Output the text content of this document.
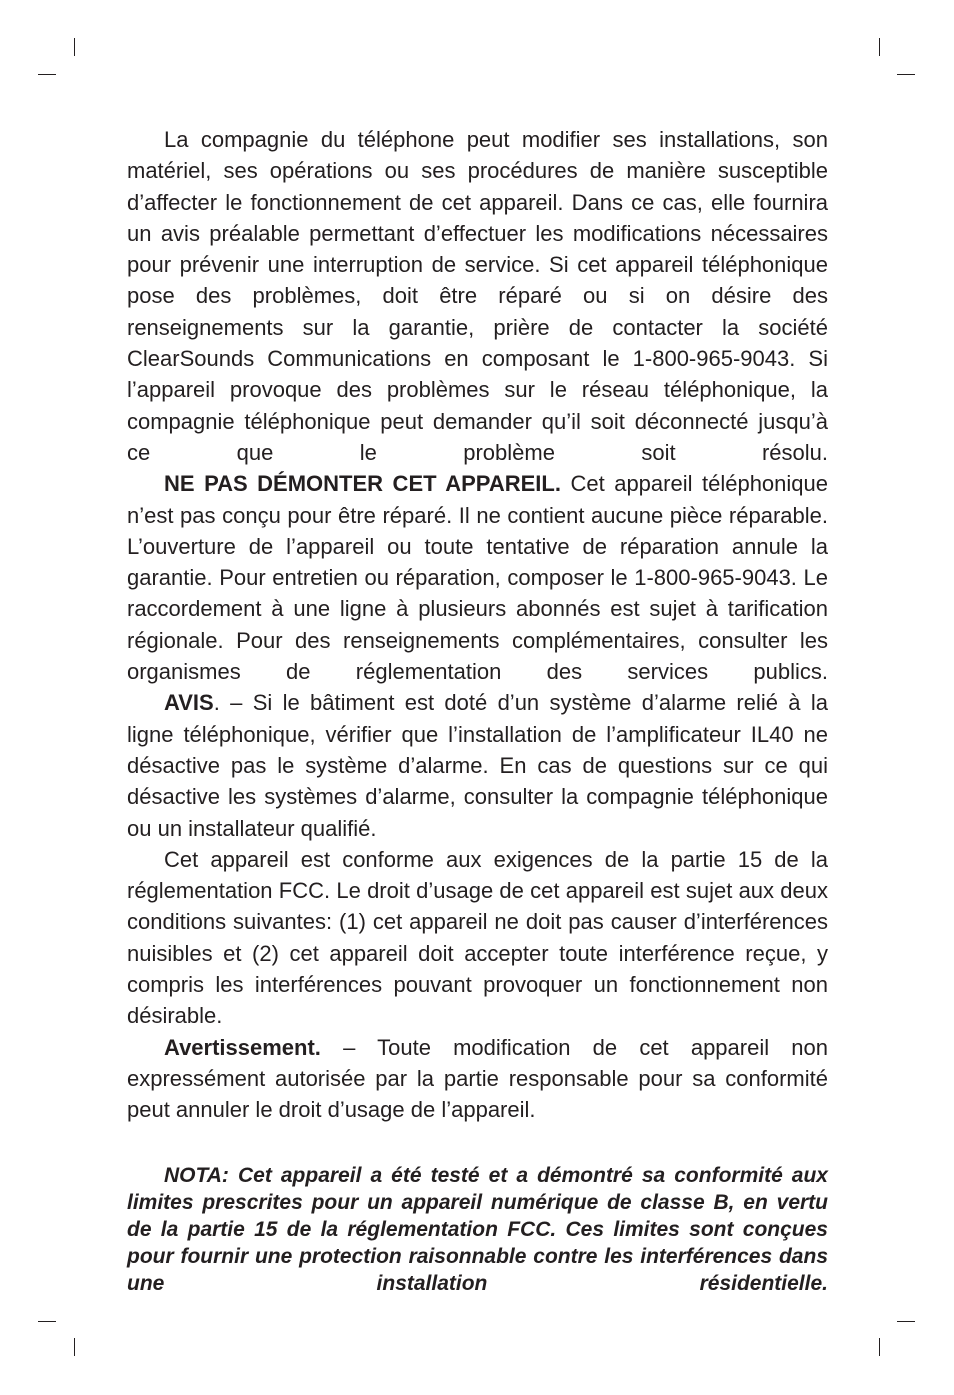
La compagnie du téléphone peut modifier ses installations, son matériel, ses opérations ou ses procédures de manière susceptible d’affecter le fonctionnement de cet appareil. Dans ce cas, elle fournira un avis préalable permettant d’effectuer les modifications nécessaires pour prévenir une interruption de service. Si cet appareil téléphonique pose des problèmes, doit être réparé ou si on désire des renseignements sur la garantie, prière de contacter la société ClearSounds Communications en composant le 1-800-965-9043. Si l’appareil provoque des problèmes sur le réseau téléphonique, la compagnie téléphonique peut demander qu’il soit déconnecté jusqu’à ce que le problème soit résolu.

NE PAS DÉMONTER CET APPAREIL. Cet appareil téléphonique n’est pas conçu pour être réparé. Il ne contient aucune pièce réparable. L’ouverture de l’appareil ou toute tentative de réparation annule la garantie. Pour entretien ou réparation, composer le 1-800-965-9043. Le raccordement à une ligne à plusieurs abonnés est sujet à tarification régionale. Pour des renseignements complémentaires, consulter les organismes de réglementation des services publics.

AVIS. – Si le bâtiment est doté d’un système d’alarme relié à la ligne téléphonique, vérifier que l’installation de l’amplificateur IL40 ne désactive pas le système d’alarme. En cas de questions sur ce qui désactive les systèmes d’alarme, consulter la compagnie téléphonique ou un installateur qualifié.

Cet appareil est conforme aux exigences de la partie 15 de la réglementation FCC. Le droit d’usage de cet appareil est sujet aux deux conditions suivantes: (1) cet appareil ne doit pas causer d’interférences nuisibles et (2) cet appareil doit accepter toute interférence reçue, y compris les interférences pouvant provoquer un fonctionnement non désirable.

Avertissement. – Toute modification de cet appareil non expressément autorisée par la partie responsable pour sa conformité peut annuler le droit d’usage de l’appareil.

NOTA: Cet appareil a été testé et a démontré sa conformité aux limites prescrites pour un appareil numérique de classe B, en vertu de la partie 15 de la réglementation FCC. Ces limites sont conçues pour fournir une protection raisonnable contre les interférences dans une installation résidentielle.
